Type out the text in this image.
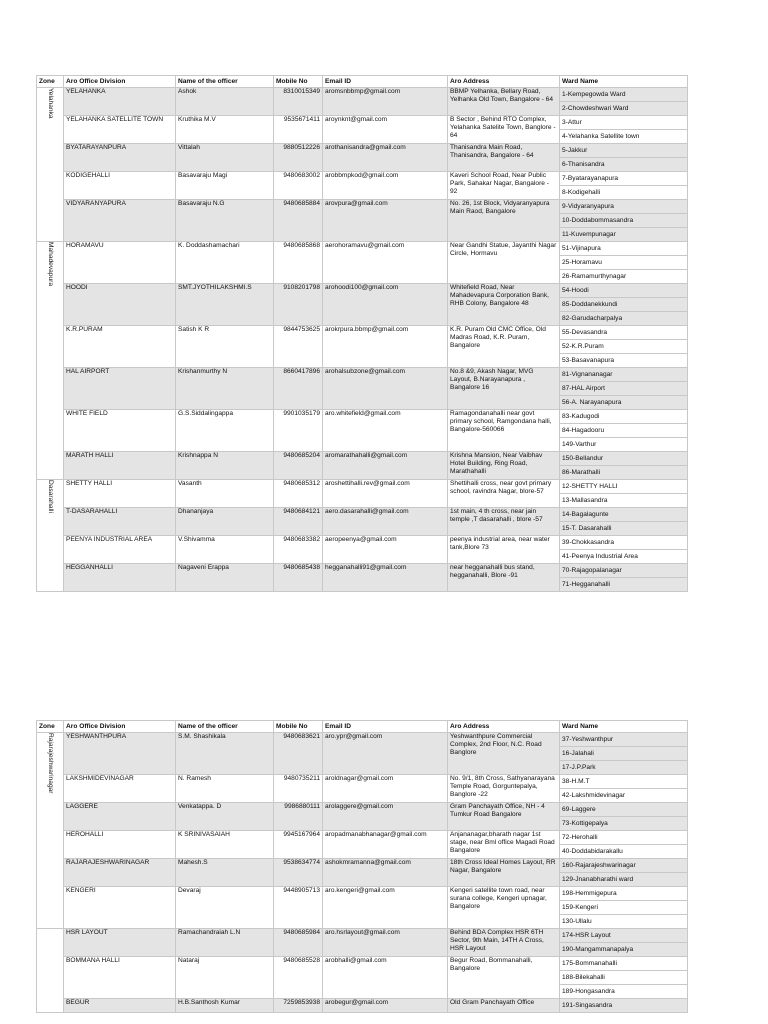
Zone	Aro Office Division	Name of the officer	Mobile No	Email ID	Aro Address	Ward Name
Yelahanka	YELAHANKA	Ashok	8310015349	aromsnbbmp@gmail.com	BBMP Yelhanka, Bellary Road, Yelhanka Old Town, Bangalore - 64	1-Kempegowda Ward
2-Chowdeshwari Ward

	YELAHANKA SATELLITE TOWN	Kruthika M.V	9535671411	aroynknt@gmail.com	B Sector , Behind RTO Complex, Yelahanka Satelite Town, Banglore - 64	3-Attur
4-Yelahanka Satellite town

	BYATARAYANPURA	Vittalah	9880512226	arothanisandra@gmail.com	Thanisandra Main Road, Thanisandra, Bangalore - 64	5-Jakkur
6-Thanisandra

	KODIGEHALLI	Basavaraju Magi	9480683002	arobbmpkod@gmail.com	Kaveri School Road, Near Public Park, Sahakar Nagar, Bangalore - 92	7-Byatarayanapura
8-Kodigehalli

	VIDYARANYAPURA	Basavaraju N.G	9480685884	arovpura@gmail.com	No. 26, 1st Block, Vidyaranyapura Main Raod, Bangalore	9-Vidyaranyapura
10-Doddabommasandra
11-Kuvempunagar

Mahadevapura	HORAMAVU	K. Doddashamachari	9480685868	aerohoramavu@gmail.com	Near Gandhi Statue, Jayanthi Nagar Circle, Hormavu	51-Vijinapura
25-Horamavu
26-Ramamurthynagar

	HOODI	SMT.JYOTHILAKSHMI.S	9108201798	arohoodi100@gmail.com	Whitefield Road, Near Mahadevapura Corporation Bank, RHB Colony, Bangalore 48	54-Hoodi
85-Doddanekkundi
82-Garudacharpalya

	K.R.PURAM	Satish K R	9844753625	arokrpura.bbmp@gmail.com	K.R. Puram Old CMC Office, Old Madras Road, K.R. Puram, Bangalore	55-Devasandra
52-K.R.Puram
53-Basavanapura

	HAL AIRPORT	Krishanmurthy N	8660417896	arohalsubzone@gmail.com	No.8 &9, Akash Nagar, MVG Layout, B.Narayanapura , Bangalore 16	81-Vignananagar
87-HAL Airport
56-A. Narayanapura

	WHITE FIELD	G.S.Siddalingappa	9901035179	aro.whitefield@gmail.com	Ramagondanahalli near govt primary school, Ramgondana halli, Bangalore-560066	83-Kadugodi
84-Hagadooru
149-Varthur

	MARATH HALLI	Krishnappa N	9480685204	aromarathahalli@gmail.com	Krishna Mansion, Near Vaibhav Hotel Building, Ring Road, Marathahalli	150-Bellandur
86-Marathalli

Dasarahalli	SHETTY HALLI	Vasanth	9480685312	aroshettihalli.rev@gmail.com	Shettihalli cross, near govt primary school, ravindra Nagar, blore-57	12-SHETTY HALLI
13-Mallasandra

	T-DASARAHALLI	Dhananjaya	9480684121	aero.dasarahalli@gmail.com	1st main, 4 th cross, near jain temple ,T dasarahalli , blore -57	14-Bagalagunte
15-T. Dasarahalli

	PEENYA INDUSTRIAL AREA	V.Shivamma	9480683382	aeropeenya@gmail.com	peenya industrial area, near water tank,Blore 73	39-Chokkasandra
41-Peenya Industrial Area

	HEGGANHALLI	Nagaveni Erappa	9480685438	hegganahalli91@gmail.com	near hegganahalli bus stand, hegganahalli, Blore -91	70-Rajagopalanagar
71-Hegganahalli
Zone	Aro Office Division	Name of the officer	Mobile No	Email ID	Aro Address	Ward Name
Rajarajeshwarinagar	YESHWANTHPURA	S.M. Shashikala	9480683621	aro.ypr@gmail.com	Yeshwanthpure Commercial Complex, 2nd Floor, N.C. Road Banglore	37-Yeshwanthpur
16-Jalahali
17-J.P.Park

	LAKSHMIDEVINAGAR	N. Ramesh	9480735211	aroldnagar@gmail.com	No. 9/1, 8th Cross, Sathyanarayana Temple Road, Gorguntepalya, Banglore -22	38-H.M.T
42-Lakshmidevinagar

	LAGGERE	Venkatappa. D	9986880111	arolaggere@gmail.com	Gram Panchayath Office, NH - 4 Tumkur Road Bangalore	69-Laggere
73-Kottigepalya

	HEROHALLI	K SRINIVASAIAH	9945167964	aropadmanabhanagar@gmail.com	Anjananagar,bharath nagar 1st stage, near Bml office Magadi Road Bangalore	72-Herohalli
40-Doddabidarakallu

	RAJARAJESHWARINAGAR	Mahesh.S	9538634774	ashokmramanna@gmail.com	18th Cross Ideal Homes Layout, RR Nagar, Bangalore	160-Rajarajeshwarinagar
129-Jnanabharathi ward

	KENGERI	Devaraj	9448905713	aro.kengeri@gmail.com	Kengeri satellite town road, near surana college, Kengeri upnagar, Bangalore	198-Hemmigepura
159-Kengeri
130-Ullalu

	HSR LAYOUT	Ramachandraiah L.N	9480685984	aro.hsrlayout@gmail.com	Behind BDA Complex HSR 6TH Sector, 9th Main, 14TH A Cross, HSR Layout	174-HSR Layout
190-Mangammanapalya

	BOMMANA HALLI	Nataraj	9480685528	arobhalli@gmail.com	Begur Road, Bommanahalli, Bangalore	175-Bommanahalli
188-Bilekahalli
189-Hongasandra

	BEGUR	H.B.Santhosh Kumar	7259853938	arobegur@gmail.com	Old Gram Panchayath Office	191-Singasandra
